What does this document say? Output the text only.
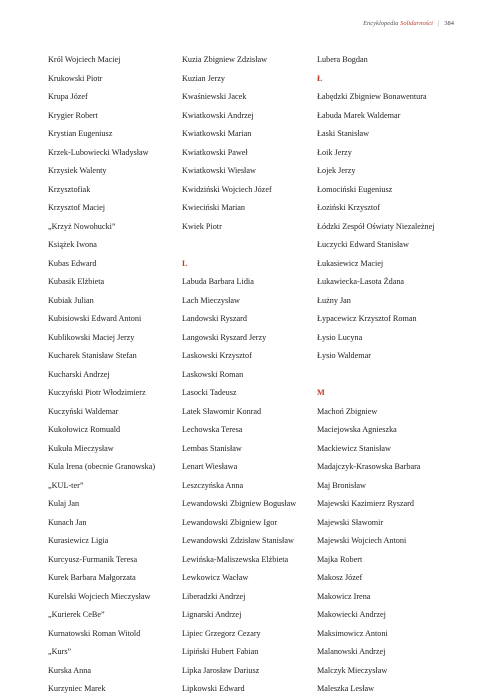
Encyklopedia Solidarności | 384
Król Wojciech Maciej
Krukowski Piotr
Krupa Józef
Krygier Robert
Krystian Eugeniusz
Krzek-Lubowiecki Władysław
Krzysiek Walenty
Krzysztofiak
Krzysztof Maciej
„Krzyż Nowohucki”
Książek Iwona
Kubas Edward
Kubasik Elżbieta
Kubiak Julian
Kubisiowski Edward Antoni
Kublikowski Maciej Jerzy
Kucharek Stanisław Stefan
Kucharski Andrzej
Kuczyński Piotr Włodzimierz
Kuczyński Waldemar
Kukołowicz Romuald
Kukuła Mieczysław
Kula Irena (obecnie Granowska)
„KUL-ter”
Kulaj Jan
Kunach Jan
Kurasiewicz Ligia
Kurcyusz-Furmanik Teresa
Kurek Barbara Małgorzata
Kurelski Wojciech Mieczysław
„Kurierek CeBe”
Kurnatowski Roman Witold
„Kurs”
Kurska Anna
Kurzyniec Marek
Kuzia Zbigniew Zdzisław
Kuzian Jerzy
Kwaśniewski Jacek
Kwiatkowski Andrzej
Kwiatkowski Marian
Kwiatkowski Paweł
Kwiatkowski Wiesław
Kwidziński Wojciech Józef
Kwieciński Marian
Kwiek Piotr
L
Labuda Barbara Lidia
Lach Mieczysław
Landowski Ryszard
Langowski Ryszard Jerzy
Laskowski Krzysztof
Laskowski Roman
Lasocki Tadeusz
Latek Sławomir Konrad
Lechowska Teresa
Lembas Stanisław
Lenart Wiesława
Leszczyńska Anna
Lewandowski Zbigniew Bogusław
Lewandowski Zbigniew Igor
Lewandowski Zdzisław Stanisław
Lewińska-Maliszewska Elżbieta
Lewkowicz Wacław
Liberadzki Andrzej
Lignarski Andrzej
Lipiec Grzegorz Cezary
Lipiński Hubert Fabian
Lipka Jarosław Dariusz
Lipkowski Edward
Lubera Bogdan
Ł
Łabędzki Zbigniew Bonawentura
Łabuda Marek Waldemar
Łaski Stanisław
Łoik Jerzy
Łojek Jerzy
Łomociński Eugeniusz
Łoziński Krzysztof
Łódzki Zespół Oświaty Niezależnej
Łuczycki Edward Stanisław
Łukasiewicz Maciej
Łukawiecka-Lasota Żdana
Łużny Jan
Łypacewicz Krzysztof Roman
Łysio Lucyna
Łysio Waldemar
M
Machoń Zbigniew
Maciejowska Agnieszka
Mackiewicz Stanisław
Madajczyk-Krasowska Barbara
Maj Bronisław
Majewski Kazimierz Ryszard
Majewski Sławomir
Majewski Wojciech Antoni
Majka Robert
Makosz Józef
Makowicz Irena
Makowiecki Andrzej
Maksimowicz Antoni
Malanowski Andrzej
Malczyk Mieczysław
Maleszka Lesław
